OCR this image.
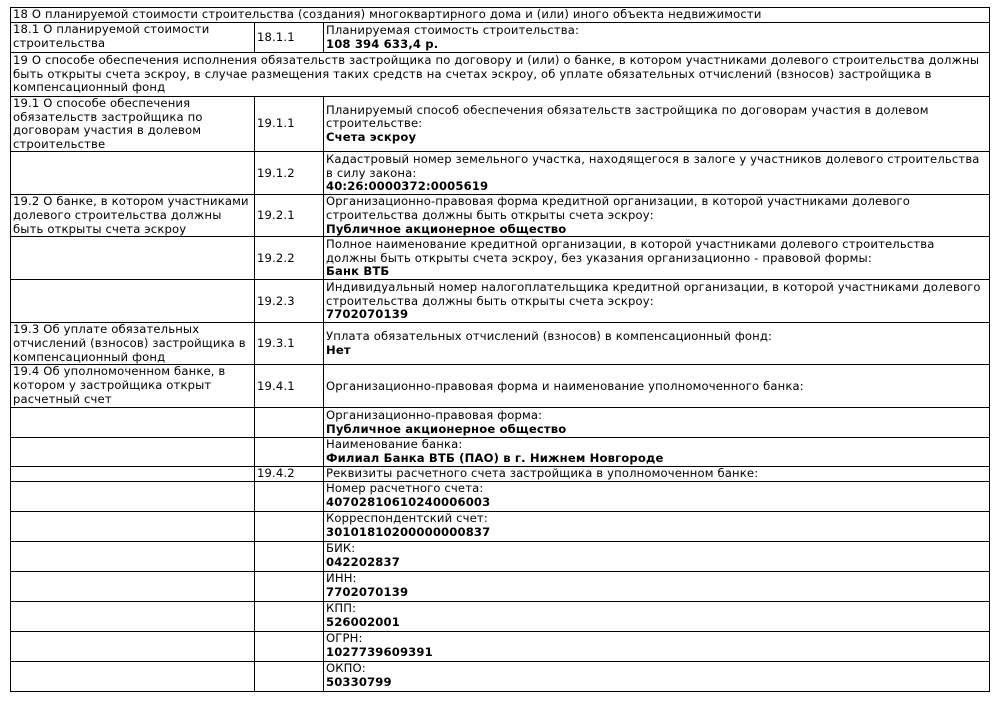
18 О планируемой стоимости строительства (создания) многоквартирного дома и (или) иного объекта недвижимости		
18.1 О планируемой стоимости строительства	18.1.1	Планируемая стоимость строительства:
108 394 633,4 р.

19 О способе обеспечения исполнения обязательств застройщика по договору и (или) о банке, в котором участниками долевого строительства должны быть открыты счета эскроу, в случае размещения таких средств на счетах эскроу, об уплате обязательных отчислений (взносов) застройщика в компенсационный фонд		
19.1 О способе обеспечения обязательств застройщика по договорам участия в долевом строительстве	19.1.1	Планируемый способ обеспечения обязательств застройщика по договорам участия в долевом строительстве:
Счета эскроу

	19.1.2	Кадастровый номер земельного участка, находящегося в залоге у участников долевого строительства в силу закона:
40:26:0000372:0005619

19.2 О банке, в котором участниками долевого строительства должны быть открыты счета эскроу	19.2.1	Организационно-правовая форма кредитной организации, в которой участниками долевого строительства должны быть открыты счета эскроу:
Публичное акционерное общество

	19.2.2	Полное наименование кредитной организации, в которой участниками долевого строительства должны быть открыты счета эскроу, без указания организационно - правовой формы:
Банк ВТБ

	19.2.3	Индивидуальный номер налогоплательщика кредитной организации, в которой участниками долевого строительства должны быть открыты счета эскроу:
7702070139

19.3 Об уплате обязательных отчислений (взносов) застройщика в компенсационный фонд	19.3.1	Уплата обязательных отчислений (взносов) в компенсационный фонд:
Нет

19.4 Об уполномоченном банке, в котором у застройщика открыт расчетный счет	19.4.1	Организационно-правовая форма и наименование уполномоченного банка:

		Организационно-правовая форма:
Публичное акционерное общество

		Наименование банка:
Филиал Банка ВТБ (ПАО) в г. Нижнем Новгороде

	19.4.2	Реквизиты расчетного счета застройщика в уполномоченном банке:

		Номер расчетного счета:
40702810610240006003

		Корреспондентский счет:
30101810200000000837

		БИК:
042202837

		ИНН:
7702070139

		КПП:
526002001

		ОГРН:
1027739609391

		ОКПО:
50330799
